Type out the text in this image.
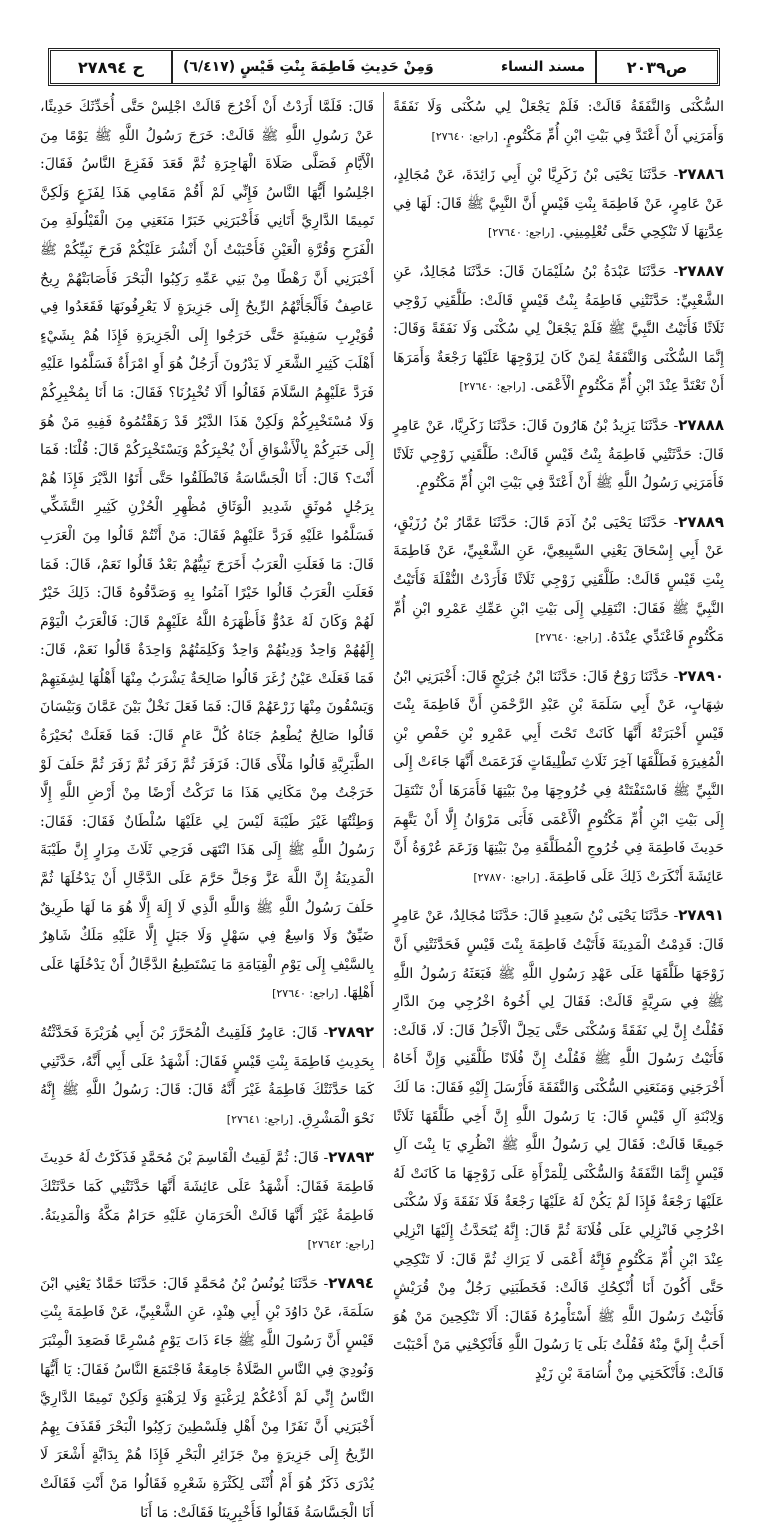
ص٢٠٣٩
مسند النساء
وَمِنْ حَدِيثِ فَاطِمَةَ بِنْتِ قَيْسٍ (٦/٤١٧)
ح ٢٧٨٩٤

السُّكْنَى وَالنَّفَقَةُ قَالَتْ: فَلَمْ يَجْعَلْ لِي سُكْنَى وَلَا نَفَقَةً وَأَمَرَنِي أَنْ أَعْتَدَّ فِي بَيْتِ ابْنِ أُمِّ مَكْتُومٍ. [راجع: ٢٧٦٤٠]

٢٧٨٨٦- حَدَّثَنَا يَحْيَى بْنُ زَكَرِيَّا بْنِ أَبِي زَائِدَةَ، عَنْ مُجَالِدٍ، عَنْ عَامِرٍ، عَنْ فَاطِمَةَ بِنْتِ قَيْسٍ أَنَّ النَّبِيَّ ﷺ قَالَ: لَهَا فِي عِدَّتِهَا لَا تَنْكِحِي حَتَّى تُعْلِمِينِي. [راجع: ٢٧٦٤٠]

٢٧٨٨٧- حَدَّثَنَا عَبْدَةُ بْنُ سُلَيْمَانَ قَالَ: حَدَّثَنَا مُجَالِدٌ، عَنِ الشَّعْبِيِّ: حَدَّثَتْنِي فَاطِمَةُ بِنْتُ قَيْسٍ قَالَتْ: طَلَّقَنِي زَوْجِي ثَلَاثًا فَأَتَيْتُ النَّبِيَّ ﷺ فَلَمْ يَجْعَلْ لِي سُكْنَى وَلَا نَفَقَةً وَقَالَ: إِنَّمَا السُّكْنَى وَالنَّفَقَةُ لِمَنْ كَانَ لِزَوْجِهَا عَلَيْهَا رَجْعَةٌ وَأَمَرَهَا أَنْ تَعْتَدَّ عِنْدَ ابْنِ أُمِّ مَكْتُومٍ الْأَعْمَى. [راجع: ٢٧٦٤٠]

٢٧٨٨٨- حَدَّثَنَا يَزِيدُ بْنُ هَارُونَ قَالَ: حَدَّثَنَا زَكَرِيَّا، عَنْ عَامِرٍ قَالَ: حَدَّثَتْنِي فَاطِمَةُ بِنْتُ قَيْسٍ قَالَتْ: طَلَّقَنِي زَوْجِي ثَلَاثًا فَأَمَرَنِي رَسُولُ اللَّهِ ﷺ أَنْ أَعْتَدَّ فِي بَيْتِ ابْنِ أُمِّ مَكْتُومٍ.

٢٧٨٨٩- حَدَّثَنَا يَحْيَى بْنُ آدَمَ قَالَ: حَدَّثَنَا عَمَّارُ بْنُ رُزَيْقٍ، عَنْ أَبِي إِسْحَاقَ يَعْنِي السَّبِيعِيَّ، عَنِ الشَّعْبِيِّ، عَنْ فَاطِمَةَ بِنْتِ قَيْسٍ قَالَتْ: طَلَّقَنِي زَوْجِي ثَلَاثًا فَأَرَدْتُ النُّقْلَةَ فَأَتَيْتُ النَّبِيَّ ﷺ فَقَالَ: انْتَقِلِي إِلَى بَيْتِ ابْنِ عَمِّكِ عَمْرِو ابْنِ أُمِّ مَكْتُومٍ فَاعْتَدِّي عِنْدَهُ. [راجع: ٢٧٦٤٠]

٢٧٨٩٠- حَدَّثَنَا رَوْحٌ قَالَ: حَدَّثَنَا ابْنُ جُرَيْجٍ قَالَ: أَخْبَرَنِي ابْنُ شِهَابٍ، عَنْ أَبِي سَلَمَةَ بْنِ عَبْدِ الرَّحْمَنِ أَنَّ فَاطِمَةَ بِنْتَ قَيْسٍ أَخْبَرَتْهُ أَنَّهَا كَانَتْ تَحْتَ أَبِي عَمْرِو بْنِ حَفْصِ بْنِ الْمُغِيرَةِ فَطَلَّقَهَا آخِرَ ثَلَاثِ تَطْلِيقَاتٍ فَزَعَمَتْ أَنَّهَا جَاءَتْ إِلَى النَّبِيِّ ﷺ فَاسْتَفْتَتْهُ فِي خُرُوجِهَا مِنْ بَيْتِهَا فَأَمَرَهَا أَنْ تَنْتَقِلَ إِلَى بَيْتِ ابْنِ أُمِّ مَكْتُومٍ الْأَعْمَى فَأَبَى مَرْوَانُ إِلَّا أَنْ يَتَّهِمَ حَدِيثَ فَاطِمَةَ فِي خُرُوجِ الْمُطَلَّقَةِ مِنْ بَيْتِهَا وَزَعَمَ عُرْوَةُ أَنَّ عَائِشَةَ أَنْكَرَتْ ذَلِكَ عَلَى فَاطِمَةَ. [راجع: ٢٧٨٧٠]

٢٧٨٩١- حَدَّثَنَا يَحْيَى بْنُ سَعِيدٍ قَالَ: حَدَّثَنَا مُجَالِدٌ، عَنْ عَامِرٍ قَالَ: قَدِمْتُ الْمَدِينَةَ فَأَتَيْتُ فَاطِمَةَ بِنْتَ قَيْسٍ فَحَدَّثَتْنِي أَنَّ زَوْجَهَا طَلَّقَهَا عَلَى عَهْدِ رَسُولِ اللَّهِ ﷺ فَبَعَثَهُ رَسُولُ اللَّهِ ﷺ فِي سَرِيَّةٍ قَالَتْ: فَقَالَ لِي أَخُوهُ اخْرُجِي مِنَ الدَّارِ فَقُلْتُ إِنَّ لِي نَفَقَةً وَسُكْنَى حَتَّى يَحِلَّ الْأَجَلُ قَالَ: لَا، قَالَتْ: فَأَتَيْتُ رَسُولَ اللَّهِ ﷺ فَقُلْتُ إِنَّ فُلَانًا طَلَّقَنِي وَإِنَّ أَخَاهُ أَخْرَجَنِي وَمَنَعَنِي السُّكْنَى وَالنَّفَقَةَ فَأَرْسَلَ إِلَيْهِ فَقَالَ: مَا لَكَ وَلِابْنَةِ آلِ قَيْسٍ قَالَ: يَا رَسُولَ اللَّهِ إِنَّ أَخِي طَلَّقَهَا ثَلَاثًا جَمِيعًا قَالَتْ: فَقَالَ لِي رَسُولُ اللَّهِ ﷺ انْظُرِي يَا بِنْتَ آلِ قَيْسٍ إِنَّمَا النَّفَقَةُ وَالسُّكْنَى لِلْمَرْأَةِ عَلَى زَوْجِهَا مَا كَانَتْ لَهُ عَلَيْهَا رَجْعَةٌ فَإِذَا لَمْ يَكُنْ لَهُ عَلَيْهَا رَجْعَةٌ فَلَا نَفَقَةَ وَلَا سُكْنَى اخْرُجِي فَانْزِلِي عَلَى فُلَانَةَ ثُمَّ قَالَ: إِنَّهُ يُتَحَدَّثُ إِلَيْهَا انْزِلِي عِنْدَ ابْنِ أُمِّ مَكْتُومٍ فَإِنَّهُ أَعْمَى لَا يَرَاكِ ثُمَّ قَالَ: لَا تَنْكِحِي حَتَّى أَكُونَ أَنَا أُنْكِحُكِ قَالَتْ: فَخَطَبَنِي رَجُلٌ مِنْ قُرَيْشٍ فَأَتَيْتُ رَسُولَ اللَّهِ ﷺ أَسْتَأْمِرُهُ فَقَالَ: أَلَا تَنْكِحِينَ مَنْ هُوَ أَحَبُّ إِلَيَّ مِنْهُ فَقُلْتُ بَلَى يَا رَسُولَ اللَّهِ فَأَنْكِحْنِي مَنْ أَحْبَبْتَ قَالَتْ: فَأَنْكَحَنِي مِنْ أُسَامَةَ بْنِ زَيْدٍ

قَالَ: فَلَمَّا أَرَدْتُ أَنْ أَخْرُجَ قَالَتْ اجْلِسْ حَتَّى أُحَدِّثَكَ حَدِيثًا، عَنْ رَسُولِ اللَّهِ ﷺ قَالَتْ: خَرَجَ رَسُولُ اللَّهِ ﷺ يَوْمًا مِنَ الْأَيَّامِ فَصَلَّى صَلَاةَ الْهَاجِرَةِ ثُمَّ قَعَدَ فَفَزِعَ النَّاسُ فَقَالَ: اجْلِسُوا أَيُّهَا النَّاسُ فَإِنِّي لَمْ أَقُمْ مَقَامِي هَذَا لِفَزَعٍ وَلَكِنَّ تَمِيمًا الدَّارِيَّ أَتَانِي فَأَخْبَرَنِي خَبَرًا مَنَعَنِي مِنَ الْقَيْلُولَةِ مِنَ الْفَرَحِ وَقُرَّةِ الْعَيْنِ فَأَحْبَبْتُ أَنْ أَنْشُرَ عَلَيْكُمْ فَرَحَ نَبِيِّكُمْ ﷺ أَخْبَرَنِي أَنَّ رَهْطًا مِنْ بَنِي عَمِّهِ رَكِبُوا الْبَحْرَ فَأَصَابَتْهُمْ رِيحٌ عَاصِفٌ فَأَلْجَأَتْهُمُ الرِّيحُ إِلَى جَزِيرَةٍ لَا يَعْرِفُونَهَا فَقَعَدُوا فِي قُوَيْرِبِ سَفِينَةٍ حَتَّى خَرَجُوا إِلَى الْجَزِيرَةِ فَإِذَا هُمْ بِشَيْءٍ أَهْلَبَ كَثِيرِ الشَّعَرِ لَا يَدْرُونَ أَرَجُلٌ هُوَ أَوِ امْرَأَةٌ فَسَلَّمُوا عَلَيْهِ فَرَدَّ عَلَيْهِمُ السَّلَامَ فَقَالُوا أَلَا تُخْبِرُنَا؟ فَقَالَ: مَا أَنَا بِمُخْبِرِكُمْ وَلَا مُسْتَخْبِرِكُمْ وَلَكِنْ هَذَا الدَّيْرُ قَدْ رَهَقْتُمُوهُ فَفِيهِ مَنْ هُوَ إِلَى خَبَرِكُمْ بِالْأَشْوَاقِ أَنْ يُخْبِرَكُمْ وَيَسْتَخْبِرَكُمْ قَالَ: قُلْنَا: فَمَا أَنْتَ؟ قَالَ: أَنَا الْجَسَّاسَةُ فَانْطَلَقُوا حَتَّى أَتَوُا الدَّيْرَ فَإِذَا هُمْ بِرَجُلٍ مُوثَقٍ شَدِيدِ الْوَثَاقِ مُظْهِرِ الْحُزْنِ كَثِيرِ التَّشَكِّي فَسَلَّمُوا عَلَيْهِ فَرَدَّ عَلَيْهِمْ فَقَالَ: مَنْ أَنْتُمْ قَالُوا مِنَ الْعَرَبِ قَالَ: مَا فَعَلَتِ الْعَرَبُ أَخَرَجَ نَبِيُّهُمْ بَعْدُ قَالُوا نَعَمْ، قَالَ: فَمَا فَعَلَتِ الْعَرَبُ قَالُوا خَيْرًا آمَنُوا بِهِ وَصَدَّقُوهُ قَالَ: ذَلِكَ خَيْرٌ لَهُمْ وَكَانَ لَهُ عَدُوٌّ فَأَظْهَرَهُ اللَّهُ عَلَيْهِمْ قَالَ: فَالْعَرَبُ الْيَوْمَ إِلَهُهُمْ وَاحِدٌ وَدِينُهُمْ وَاحِدٌ وَكَلِمَتُهُمْ وَاحِدَةٌ قَالُوا نَعَمْ، قَالَ: فَمَا فَعَلَتْ عَيْنُ زُغَرَ قَالُوا صَالِحَةٌ يَشْرَبُ مِنْهَا أَهْلُهَا لِشِفَتِهِمْ وَيَسْقُونَ مِنْهَا زَرْعَهُمْ قَالَ: فَمَا فَعَلَ نَخْلٌ بَيْنَ عَمَّانَ وَبَيْسَانَ قَالُوا صَالِحٌ يُطْعِمُ جَنَاهُ كُلَّ عَامٍ قَالَ: فَمَا فَعَلَتْ بُحَيْرَةُ الطَّبَرِيَّةِ قَالُوا مَلْأَى قَالَ: فَزَفَرَ ثُمَّ زَفَرَ ثُمَّ زَفَرَ ثُمَّ حَلَفَ لَوْ خَرَجْتُ مِنْ مَكَانِي هَذَا مَا تَرَكْتُ أَرْضًا مِنْ أَرْضِ اللَّهِ إِلَّا وَطِئْتُهَا غَيْرَ طَيْبَةَ لَيْسَ لِي عَلَيْهَا سُلْطَانٌ فَقَالَ: فَقَالَ: رَسُولُ اللَّهِ ﷺ إِلَى هَذَا انْتَهَى فَرَحِي ثَلَاثَ مِرَارٍ إِنَّ طَيْبَةَ الْمَدِينَةُ إِنَّ اللَّهَ عَزَّ وَجَلَّ حَرَّمَ عَلَى الدَّجَّالِ أَنْ يَدْخُلَهَا ثُمَّ حَلَفَ رَسُولُ اللَّهِ ﷺ وَاللَّهِ الَّذِي لَا إِلَهَ إِلَّا هُوَ مَا لَهَا طَرِيقٌ ضَيِّقٌ وَلَا وَاسِعٌ فِي سَهْلٍ وَلَا جَبَلٍ إِلَّا عَلَيْهِ مَلَكٌ شَاهِرٌ بِالسَّيْفِ إِلَى يَوْمِ الْقِيَامَةِ مَا يَسْتَطِيعُ الدَّجَّالُ أَنْ يَدْخُلَهَا عَلَى أَهْلِهَا. [راجع: ٢٧٦٤٠]

٢٧٨٩٢- قَالَ: عَامِرٌ فَلَقِيتُ الْمُحَرَّرَ بْنَ أَبِي هُرَيْرَةَ فَحَدَّثْتُهُ بِحَدِيثِ فَاطِمَةَ بِنْتِ قَيْسٍ فَقَالَ: أَشْهَدُ عَلَى أَبِي أَنَّهُ، حَدَّثَنِي كَمَا حَدَّثَتْكَ فَاطِمَةُ غَيْرَ أَنَّهُ قَالَ: قَالَ: رَسُولُ اللَّهِ ﷺ إِنَّهُ نَحْوَ الْمَشْرِقِ. [راجع: ٢٧٦٤١]

٢٧٨٩٣- قَالَ: ثُمَّ لَقِيتُ الْقَاسِمَ بْنَ مُحَمَّدٍ فَذَكَرْتُ لَهُ حَدِيثَ فَاطِمَةَ فَقَالَ: أَشْهَدُ عَلَى عَائِشَةَ أَنَّهَا حَدَّثَتْنِي كَمَا حَدَّثَتْكَ فَاطِمَةُ غَيْرَ أَنَّهَا قَالَتْ الْحَرَمَانِ عَلَيْهِ حَرَامٌ مَكَّةُ وَالْمَدِينَةُ. [راجع: ٢٧٦٤٢]

٢٧٨٩٤- حَدَّثَنَا يُونُسُ بْنُ مُحَمَّدٍ قَالَ: حَدَّثَنَا حَمَّادٌ يَعْنِي ابْنَ سَلَمَةَ، عَنْ دَاوُدَ بْنِ أَبِي هِنْدٍ، عَنِ الشَّعْبِيِّ، عَنْ فَاطِمَةَ بِنْتِ قَيْسٍ أَنَّ رَسُولَ اللَّهِ ﷺ جَاءَ ذَاتَ يَوْمٍ مُسْرِعًا فَصَعِدَ الْمِنْبَرَ وَنُودِيَ فِي النَّاسِ الصَّلَاةُ جَامِعَةٌ فَاجْتَمَعَ النَّاسُ فَقَالَ: يَا أَيُّهَا النَّاسُ إِنِّي لَمْ أَدْعُكُمْ لِرَغْبَةٍ وَلَا لِرَهْبَةٍ وَلَكِنْ تَمِيمًا الدَّارِيَّ أَخْبَرَنِي أَنَّ نَفَرًا مِنْ أَهْلِ فِلَسْطِينَ رَكِبُوا الْبَحْرَ فَقَذَفَ بِهِمُ الرِّيحُ إِلَى جَزِيرَةٍ مِنْ جَزَائِرِ الْبَحْرِ فَإِذَا هُمْ بِدَابَّةٍ أَشْعَرَ لَا يُدْرَى ذَكَرٌ هُوَ أَمْ أُنْثَى لِكَثْرَةِ شَعْرِهِ فَقَالُوا مَنْ أَنْتِ فَقَالَتْ أَنَا الْجَسَّاسَةُ فَقَالُوا فَأَخْبِرِينَا فَقَالَتْ: مَا أَنَا
